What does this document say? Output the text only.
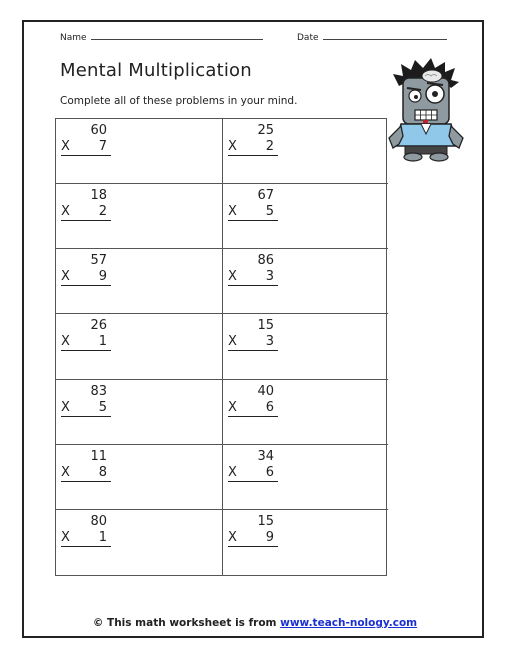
Name	Date
Mental Multiplication

Complete all of these problems in your mind.

60
X 7
25
X 2
18
X 2
67
X 5
57
X 9
86
X 3
26
X 1
15
X 3
83
X 5
40
X 6
11
X 8
34
X 6
80
X 1
15
X 9
© This math worksheet is from www.teach-nology.com
